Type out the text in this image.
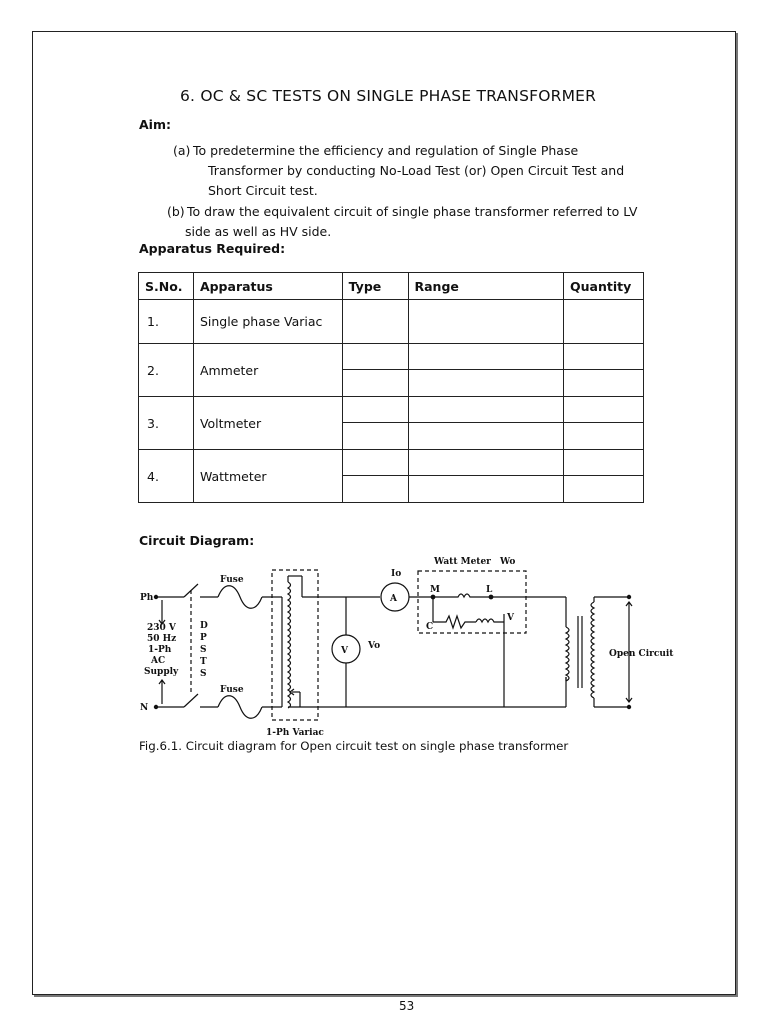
6. OC & SC TESTS ON SINGLE PHASE TRANSFORMER
Aim:
(a) To predetermine the efficiency and regulation of Single Phase
Transformer by conducting No-Load Test (or) Open Circuit Test and
Short Circuit test.
(b) To draw the equivalent circuit of single phase transformer referred to LV
side as well as HV side.
Apparatus Required:
S.No.	Apparatus	Type	Range	Quantity
1.	Single phase Variac			
2.	Ammeter			

3.	Voltmeter			

4.	Wattmeter			

Circuit Diagram:
Ph
N
230 V
50 Hz
1-Ph
AC
Supply
D
P
S
T
S
Fuse
Fuse
1-Ph Variac
Io
A
V Vo
Watt Meter Wo
M	L
C
V
Open Circuit
Fig.6.1. Circuit diagram for Open circuit test on single phase transformer
53
